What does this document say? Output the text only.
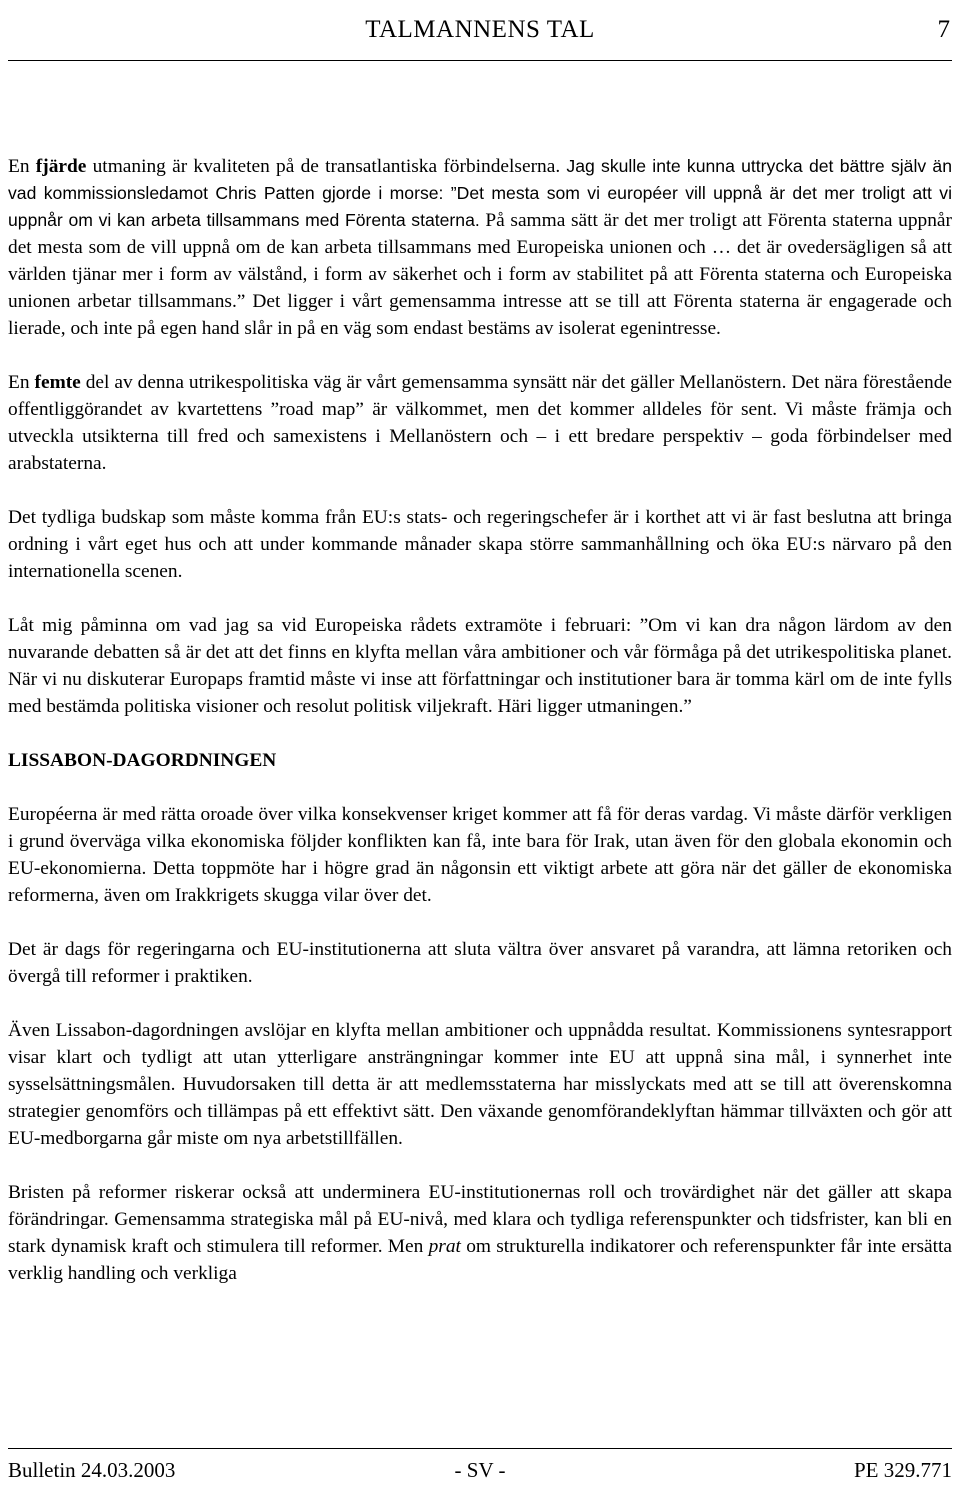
TALMANNENS TAL	7

En fjärde utmaning är kvaliteten på de transatlantiska förbindelserna. Jag skulle inte kunna uttrycka det bättre själv än vad kommissionsledamot Chris Patten gjorde i morse: ”Det mesta som vi européer vill uppnå är det mer troligt att vi uppnår om vi kan arbeta tillsammans med Förenta staterna. På samma sätt är det mer troligt att Förenta staterna uppnår det mesta som de vill uppnå om de kan arbeta tillsammans med Europeiska unionen och … det är ovedersägligen så att världen tjänar mer i form av välstånd, i form av säkerhet och i form av stabilitet på att Förenta staterna och Europeiska unionen arbetar tillsammans.” Det ligger i vårt gemensamma intresse att se till att Förenta staterna är engagerade och lierade, och inte på egen hand slår in på en väg som endast bestäms av isolerat egenintresse.

En femte del av denna utrikespolitiska väg är vårt gemensamma synsätt när det gäller Mellanöstern. Det nära förestående offentliggörandet av kvartettens ”road map” är välkommet, men det kommer alldeles för sent. Vi måste främja och utveckla utsikterna till fred och samexistens i Mellanöstern och – i ett bredare perspektiv – goda förbindelser med arabstaterna.

Det tydliga budskap som måste komma från EU:s stats- och regeringschefer är i korthet att vi är fast beslutna att bringa ordning i vårt eget hus och att under kommande månader skapa större sammanhållning och öka EU:s närvaro på den internationella scenen.

Låt mig påminna om vad jag sa vid Europeiska rådets extramöte i februari: ”Om vi kan dra någon lärdom av den nuvarande debatten så är det att det finns en klyfta mellan våra ambitioner och vår förmåga på det utrikespolitiska planet. När vi nu diskuterar Europaps framtid måste vi inse att författningar och institutioner bara är tomma kärl om de inte fylls med bestämda politiska visioner och resolut politisk viljekraft. Häri ligger utmaningen.”

LISSABON-DAGORDNINGEN

Européerna är med rätta oroade över vilka konsekvenser kriget kommer att få för deras vardag. Vi måste därför verkligen i grund överväga vilka ekonomiska följder konflikten kan få, inte bara för Irak, utan även för den globala ekonomin och EU-ekonomierna. Detta toppmöte har i högre grad än någonsin ett viktigt arbete att göra när det gäller de ekonomiska reformerna, även om Irakkrigets skugga vilar över det.

Det är dags för regeringarna och EU-institutionerna att sluta vältra över ansvaret på varandra, att lämna retoriken och övergå till reformer i praktiken.

Även Lissabon-dagordningen avslöjar en klyfta mellan ambitioner och uppnådda resultat. Kommissionens syntesrapport visar klart och tydligt att utan ytterligare ansträngningar kommer inte EU att uppnå sina mål, i synnerhet inte sysselsättningsmålen. Huvudorsaken till detta är att medlemsstaterna har misslyckats med att se till att överenskomna strategier genomförs och tillämpas på ett effektivt sätt. Den växande genomförandeklyftan hämmar tillväxten och gör att EU-medborgarna går miste om nya arbetstillfällen.

Bristen på reformer riskerar också att underminera EU-institutionernas roll och trovärdighet när det gäller att skapa förändringar. Gemensamma strategiska mål på EU-nivå, med klara och tydliga referenspunkter och tidsfrister, kan bli en stark dynamisk kraft och stimulera till reformer. Men prat om strukturella indikatorer och referenspunkter får inte ersätta verklig handling och verkliga

Bulletin 24.03.2003	- SV -	PE 329.771
